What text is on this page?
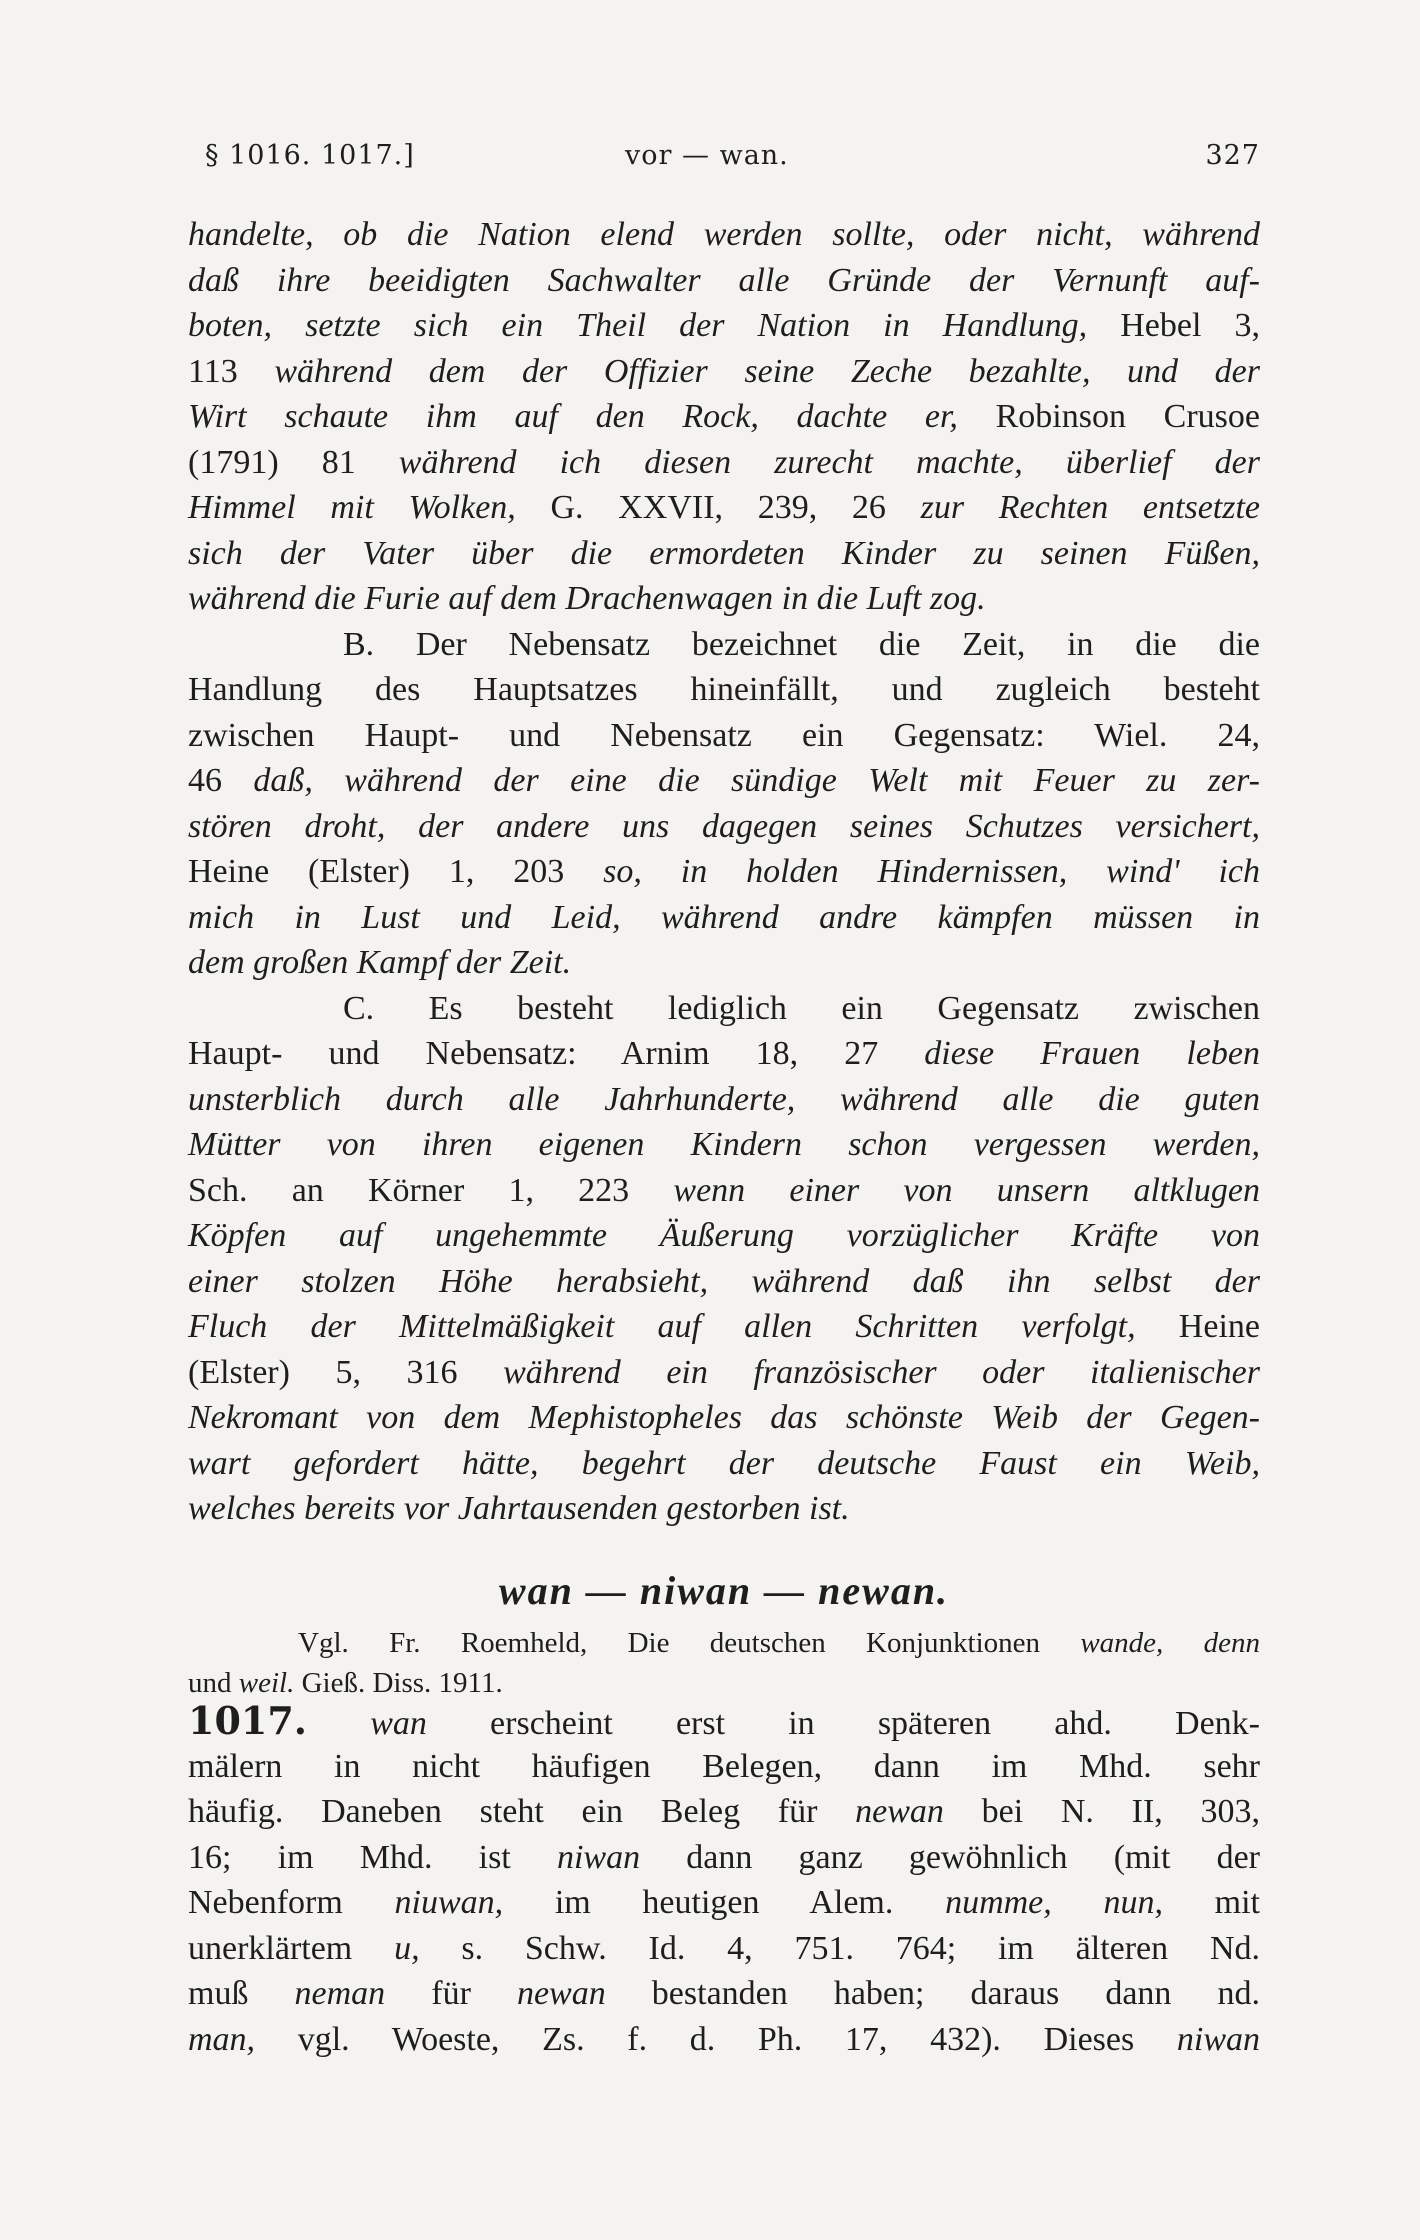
§ 1016. 1017.]	vor — wan.	327
handelte, ob die Nation elend werden sollte, oder nicht, während
daß ihre beeidigten Sachwalter alle Gründe der Vernunft auf-
boten, setzte sich ein Theil der Nation in Handlung, Hebel 3,
113 während dem der Offizier seine Zeche bezahlte, und der
Wirt schaute ihm auf den Rock, dachte er, Robinson Crusoe
(1791) 81 während ich diesen zurecht machte, überlief der
Himmel mit Wolken, G. XXVII, 239, 26 zur Rechten entsetzte
sich der Vater über die ermordeten Kinder zu seinen Füßen,
während die Furie auf dem Drachenwagen in die Luft zog.
B. Der Nebensatz bezeichnet die Zeit, in die die
Handlung des Hauptsatzes hineinfällt, und zugleich besteht
zwischen Haupt- und Nebensatz ein Gegensatz: Wiel. 24,
46 daß, während der eine die sündige Welt mit Feuer zu zer-
stören droht, der andere uns dagegen seines Schutzes versichert,
Heine (Elster) 1, 203 so, in holden Hindernissen, wind' ich
mich in Lust und Leid, während andre kämpfen müssen in
dem großen Kampf der Zeit.
C. Es besteht lediglich ein Gegensatz zwischen
Haupt- und Nebensatz: Arnim 18, 27 diese Frauen leben
unsterblich durch alle Jahrhunderte, während alle die guten
Mütter von ihren eigenen Kindern schon vergessen werden,
Sch. an Körner 1, 223 wenn einer von unsern altklugen
Köpfen auf ungehemmte Äußerung vorzüglicher Kräfte von
einer stolzen Höhe herabsieht, während daß ihn selbst der
Fluch der Mittelmäßigkeit auf allen Schritten verfolgt, Heine
(Elster) 5, 316 während ein französischer oder italienischer
Nekromant von dem Mephistopheles das schönste Weib der Gegen-
wart gefordert hätte, begehrt der deutsche Faust ein Weib,
welches bereits vor Jahrtausenden gestorben ist.
wan — niwan — newan.
Vgl. Fr. Roemheld, Die deutschen Konjunktionen wande, denn
und weil. Gieß. Diss. 1911.
1017. wan erscheint erst in späteren ahd. Denk-
mälern in nicht häufigen Belegen, dann im Mhd. sehr
häufig. Daneben steht ein Beleg für newan bei N. II, 303,
16; im Mhd. ist niwan dann ganz gewöhnlich (mit der
Nebenform niuwan, im heutigen Alem. numme, nun, mit
unerklärtem u, s. Schw. Id. 4, 751. 764; im älteren Nd.
muß neman für newan bestanden haben; daraus dann nd.
man, vgl. Woeste, Zs. f. d. Ph. 17, 432). Dieses niwan
